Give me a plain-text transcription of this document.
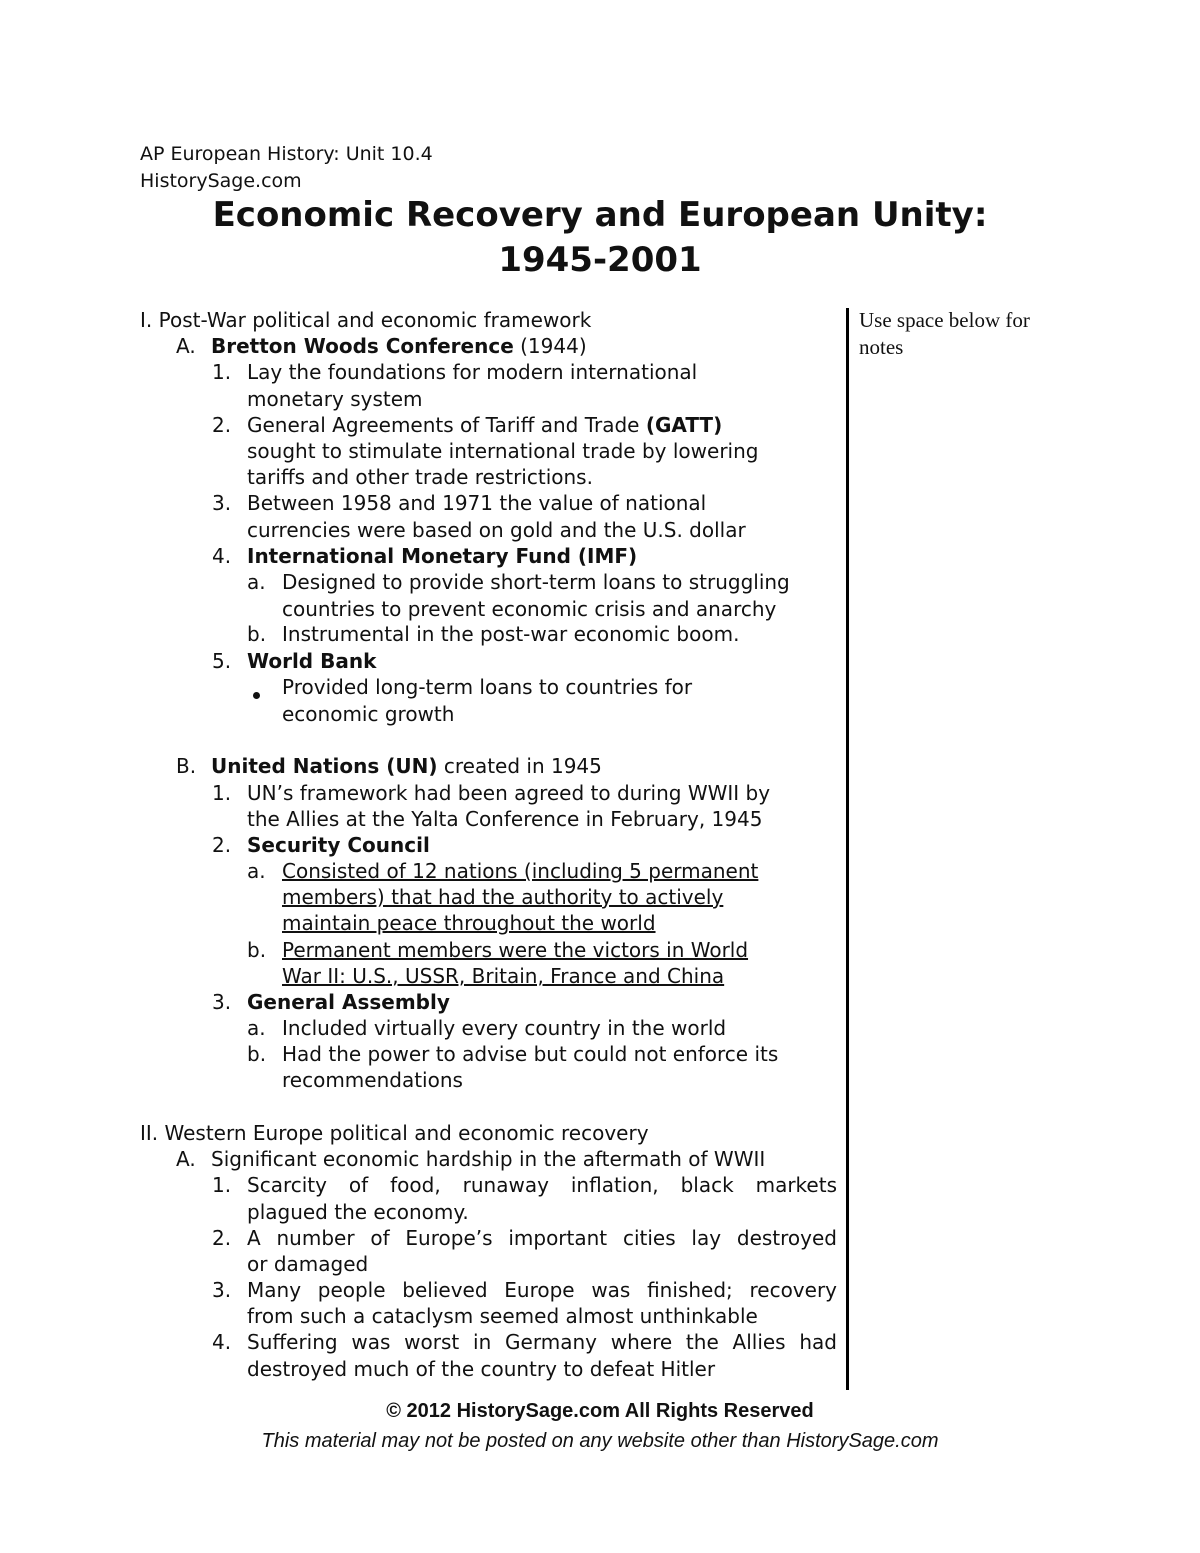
AP European History: Unit 10.4
HistorySage.com
Economic Recovery and European Unity:
1945-2001
Use space below for
notes
I. Post-War political and economic framework
A. Bretton Woods Conference (1944)
1. Lay the foundations for modern international
monetary system
2. General Agreements of Tariff and Trade (GATT)
sought to stimulate international trade by lowering
tariffs and other trade restrictions.
3. Between 1958 and 1971 the value of national
currencies were based on gold and the U.S. dollar
4. International Monetary Fund (IMF)
a. Designed to provide short-term loans to struggling
countries to prevent economic crisis and anarchy
b. Instrumental in the post-war economic boom.
5. World Bank
Provided long-term loans to countries for
economic growth
B. United Nations (UN) created in 1945
1. UN’s framework had been agreed to during WWII by
the Allies at the Yalta Conference in February, 1945
2. Security Council
a. Consisted of 12 nations (including 5 permanent
members) that had the authority to actively
maintain peace throughout the world
b. Permanent members were the victors in World
War II: U.S., USSR, Britain, France and China
3. General Assembly
a. Included virtually every country in the world
b. Had the power to advise but could not enforce its
recommendations
II. Western Europe political and economic recovery
A. Significant economic hardship in the aftermath of WWII
1. Scarcity of food, runaway inflation, black markets
plagued the economy.
2. A number of Europe’s important cities lay destroyed
or damaged
3. Many people believed Europe was finished; recovery
from such a cataclysm seemed almost unthinkable
4. Suffering was worst in Germany where the Allies had
destroyed much of the country to defeat Hitler
© 2012 HistorySage.com All Rights Reserved
This material may not be posted on any website other than HistorySage.com
